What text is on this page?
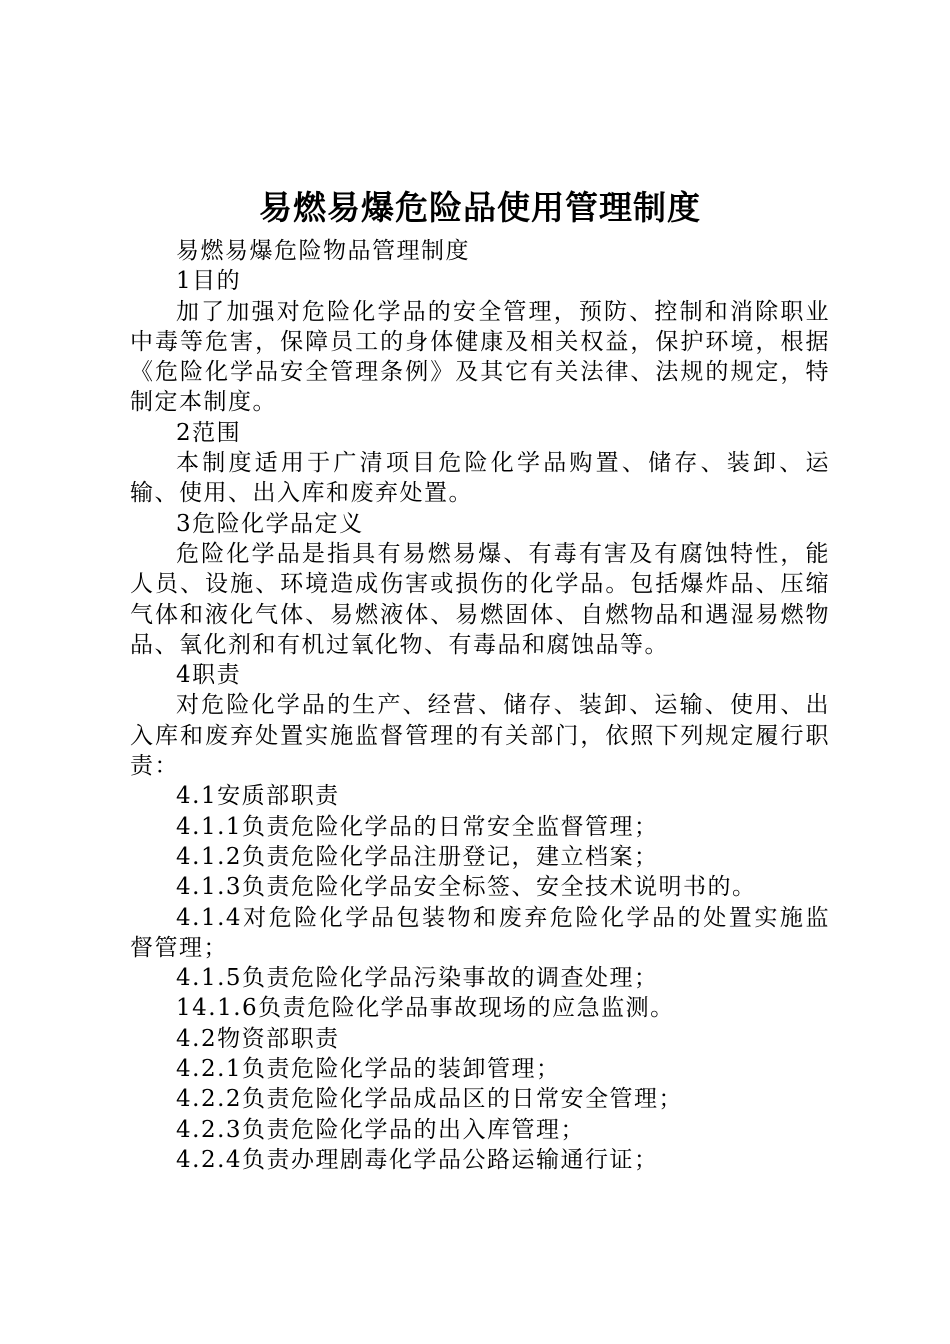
易燃易爆危险品使用管理制度

易燃易爆危险物品管理制度

1目的

加了加强对危险化学品的安全管理，预防、控制和消除职业中毒等危害，保障员工的身体健康及相关权益，保护环境，根据《危险化学品安全管理条例》及其它有关法律、法规的规定，特制定本制度。

2范围

本制度适用于广清项目危险化学品购置、储存、装卸、运输、使用、出入库和废弃处置。

3危险化学品定义

危险化学品是指具有易燃易爆、有毒有害及有腐蚀特性，能人员、设施、环境造成伤害或损伤的化学品。包括爆炸品、压缩气体和液化气体、易燃液体、易燃固体、自燃物品和遇湿易燃物品、氧化剂和有机过氧化物、有毒品和腐蚀品等。

4职责

对危险化学品的生产、经营、储存、装卸、运输、使用、出入库和废弃处置实施监督管理的有关部门，依照下列规定履行职责：

4.1安质部职责

4.1.1负责危险化学品的日常安全监督管理；

4.1.2负责危险化学品注册登记，建立档案；

4.1.3负责危险化学品安全标签、安全技术说明书的。

4.1.4对危险化学品包装物和废弃危险化学品的处置实施监督管理；

4.1.5负责危险化学品污染事故的调查处理；

14.1.6负责危险化学品事故现场的应急监测。

4.2物资部职责

4.2.1负责危险化学品的装卸管理；

4.2.2负责危险化学品成品区的日常安全管理；

4.2.3负责危险化学品的出入库管理；

4.2.4负责办理剧毒化学品公路运输通行证；
